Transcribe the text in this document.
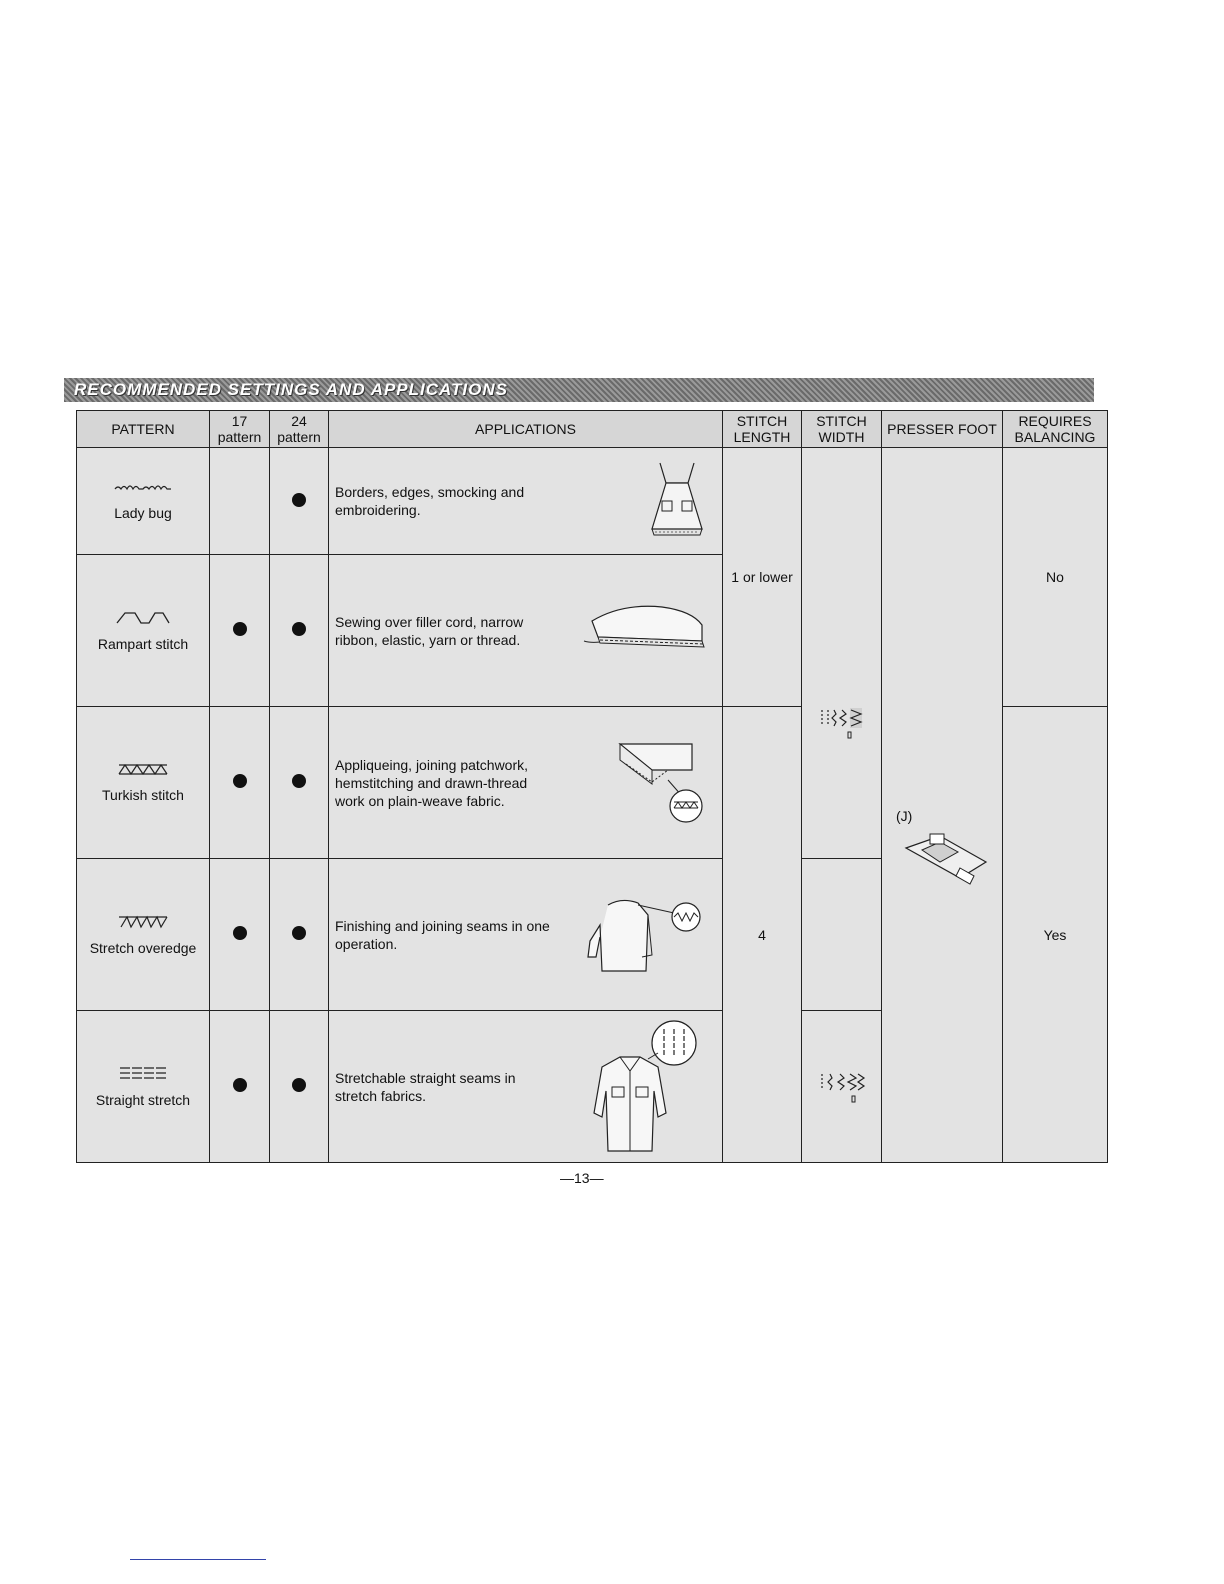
RECOMMENDED SETTINGS AND APPLICATIONS
PATTERN	17 pattern	24 pattern	APPLICATIONS	STITCH LENGTH	STITCH WIDTH	PRESSER FOOT	REQUIRES BALANCING

Lady bug			Borders, edges, smocking and embroidering.	1 or lower		(J)	No

Rampart stitch			Sewing over filler cord, narrow ribbon, elastic, yarn or thread.				

Turkish stitch			Appliqueing, joining patchwork, hemstitching and drawn-thread work on plain-weave fabric.	4			Yes

Stretch overedge			Finishing and joining seams in one operation.				

Straight stretch			Stretchable straight seams in stretch fabrics.

—13—
